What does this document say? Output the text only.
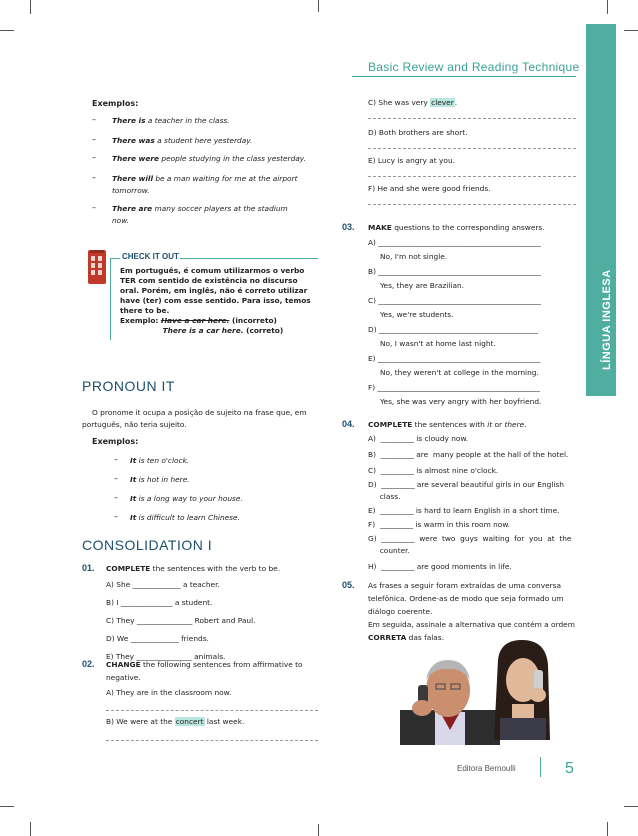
Basic Review and Reading Technique
LÍNGUA INGLESA
Exemplos:
– There is a teacher in the class.
– There was a student here yesterday.
– There were people studying in the class yesterday.
– There will be a man waiting for me at the airport
tomorrow.
– There are many soccer players at the stadium
now.
CHECK IT OUT
Em português, é comum utilizarmos o verbo TER com sentido de existência no discurso oral. Porém, em inglês, não é correto utilizar have (ter) com esse sentido. Para isso, temos there to be.
Exemplo: Have a car here. (incorreto)
There is a car here. (correto)
PRONOUN IT
O pronome it ocupa a posição de sujeito na frase que, em
português, não teria sujeito.
Exemplos:
– It is ten o'clock.
– It is hot in here.
– It is a long way to your house.
– It is difficult to learn Chinese.
CONSOLIDATION I
01. COMPLETE the sentences with the verb to be.
A) She _____________ a teacher.
B) I ______________ a student.
C) They _______________ Robert and Paul.
D) We _____________ friends.
E) They _______________ animals.
02. CHANGE the following sentences from affirmative to
negative.
A) They are in the classroom now.
B) We were at the concert last week.
C) She was very clever.
D) Both brothers are short.
E) Lucy is angry at you.
F) He and she were good friends.
03. MAKE questions to the corresponding answers.
A) ____________________________________________
No, I'm not single.
B) ____________________________________________
Yes, they are Brazilian.
C) ____________________________________________
Yes, we're students.
D) ___________________________________________
No, I wasn't at home last night.
E) ____________________________________________
No, they weren't at college in the morning.
F) ____________________________________________
Yes, she was very angry with her boyfriend.
04. COMPLETE the sentences with it or there.
A)  _________ is cloudy now.
B)  _________ are  many people at the hall of the hotel.
C)  _________ is almost nine o'clock.
D)  _________ are several beautiful girls in our English
class.
E)  _________ is hard to learn English in a short time.
F)  _________ is warm in this room now.
G)  _________  were  two  guys  waiting  for  you  at  the
counter.
H)  _________ are good moments in life.
05. As frases a seguir foram extraídas de uma conversa
telefônica. Ordene-as de modo que seja formado um
diálogo coerente.
Em seguida, assinale a alternativa que contém a ordem
CORRETA das falas.
Editora Bernoulli	5
